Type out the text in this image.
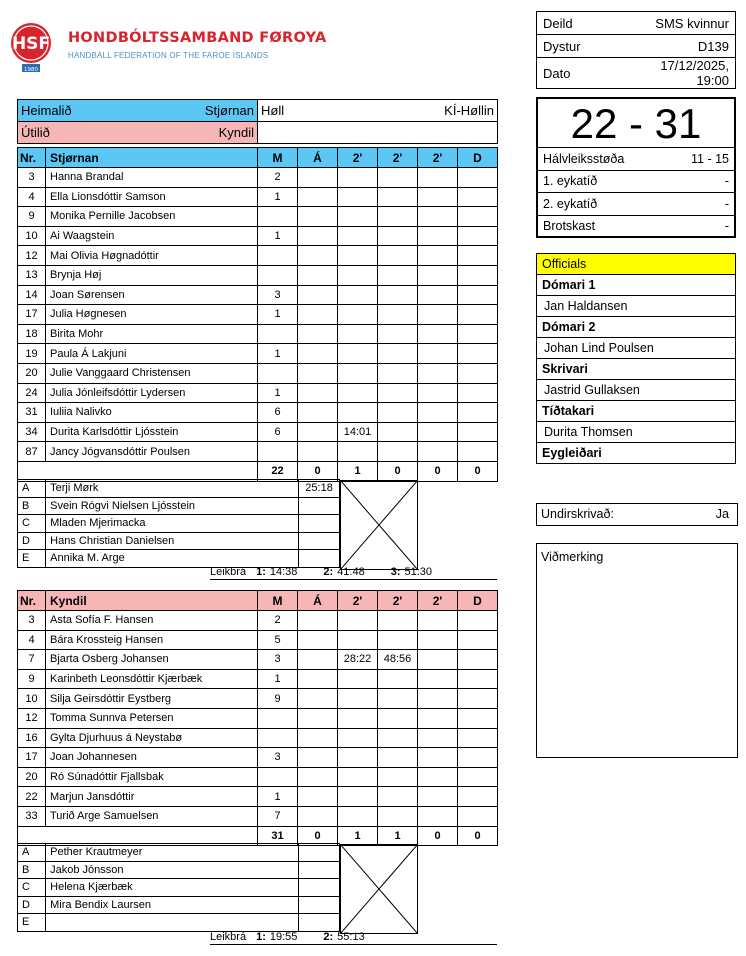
HSF
1980
HONDBÓLTSSAMBAND FØROYA
HANDBALL FEDERATION OF THE FAROE ISLANDS
Deild	SMS kvinnur
Dystur	D139
Dato	17/12/2025, 19:00
Heimalið Stjørnan	Høll KÍ-Høllin

Útilið Kyndil	

Nr.	Stjørnan	M	Á	2'	2'	2'	D
3	Hanna Brandal	2					
4	Ella Lionsdóttir Samson	1					
9	Monika Pernille Jacobsen						
10	Ai Waagstein	1					
12	Mai Olivia Høgnadóttir						
13	Brynja Høj						
14	Joan Sørensen	3					
17	Julia Høgnesen	1					
18	Birita Mohr						
19	Paula Á Lakjuni	1					
20	Julie Vanggaard Christensen						
24	Julia Jónleifsdóttir Lydersen	1					
31	Iuliia Nalivko	6					
34	Durita Karlsdóttir Ljósstein	6		14:01			
87	Jancy Jógvansdóttir Poulsen						
		22	0	1	0	0	0
A	Terji Mørk	25:18	

B	Svein Rógvi Nielsen Ljósstein		
C	Mladen Mjerimacka		
D	Hans Christian Danielsen		
E	Annika M. Arge		
Leikbrá 1: 14:38 2: 41:48 3: 51:30
Nr.	Kyndil	M	Á	2'	2'	2'	D
3	Asta Sofía F. Hansen	2					
4	Bára Krossteig Hansen	5					
7	Bjarta Osberg Johansen	3		28:22	48:56		
9	Karinbeth Leonsdóttir Kjærbæk	1					
10	Silja Geirsdóttir Eystberg	9					
12	Tomma Sunnva Petersen						
16	Gylta Djurhuus á Neystabø						
17	Joan Johannesen	3					
20	Ró Súnadóttir Fjallsbak						
22	Marjun Jansdóttir	1					
33	Turið Arge Samuelsen	7					
		31	0	1	1	0	0
A	Pether Krautmeyer		

B	Jakob Jónsson		
C	Helena Kjærbæk		
D	Mira Bendix Laursen		
E			
Leikbrá 1: 19:55 2: 55:13
22 - 31
Hálvleiksstøða	11 - 15
1. eykatíð	-
2. eykatíð	-
Brotskast	-
Officials
Dómari 1
Jan Haldansen
Dómari 2
Johan Lind Poulsen
Skrivari
Jastrid Gullaksen
Tíðtakari
Durita Thomsen
Eygleiðari
Undirskrivað:	Ja
Viðmerking
